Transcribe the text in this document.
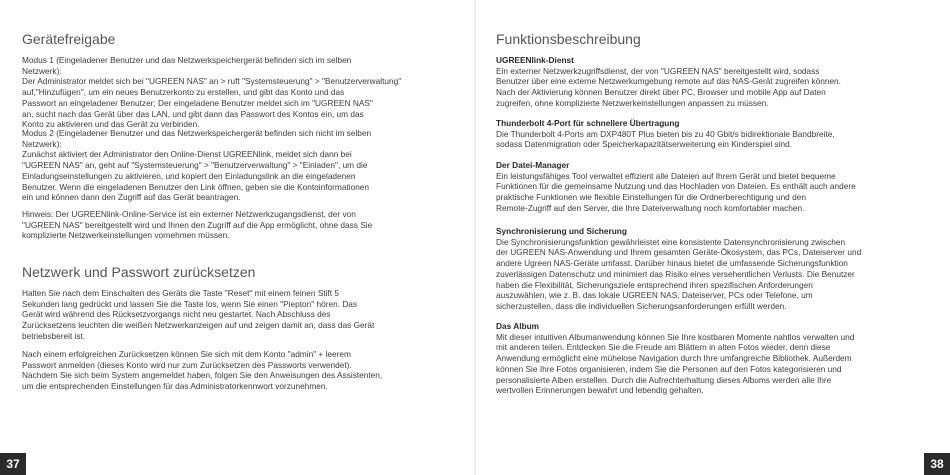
Gerätefreigabe

Modus 1 (Eingeladener Benutzer und das Netzwerkspeichergerät befinden sich im selben
Netzwerk):
Der Administrator meldet sich bei "UGREEN NAS" an > ruft "Systemsteuerung" > "Benutzerverwaltung"
auf,"Hinzufügen", um ein neues Benutzerkonto zu erstellen, und gibt das Konto und das
Passwort an eingeladener Benutzer; Der eingeladene Benutzer meldet sich im "UGREEN NAS"
an, sucht nach das Gerät über das LAN, und gibt dann das Passwort des Kontos ein, um das
Konto zu aktivieren und das Gerät zu verbinden.

Modus 2 (Eingeladener Benutzer und das Netzwerkspeichergerät befinden sich nicht im selben
Netzwerk):
Zunächst aktiviert der Administrator den Online-Dienst UGREENlink, meldet sich dann bei
"UGREEN NAS" an, geht auf "Systemsteuerung" > "Benutzerverwaltung" > "Einladen", um die
Einladungseinstellungen zu aktivieren, und kopiert den Einladungslink an die eingeladenen
Benutzer. Wenn die eingeladenen Benutzer den Link öffnen, geben sie die Kontoinformationen
ein und können dann den Zugriff auf das Gerät beantragen.

Hinweis: Der UGREENlink-Online-Service ist ein externer Netzwerkzugangsdienst, der von
"UGREEN NAS" bereitgestellt wird und Ihnen den Zugriff auf die App ermöglicht, ohne dass Sie
komplizierte Netzwerkeinstellungen vornehmen müssen.

Netzwerk und Passwort zurücksetzen

Halten Sie nach dem Einschalten des Geräts die Taste "Reset" mit einem feinen Stift 5
Sekunden lang gedrückt und lassen Sie die Taste los, wenn Sie einen "Piepton" hören. Das
Gerät wird während des Rücksetzvorgangs nicht neu gestartet. Nach Abschluss des
Zurücksetzens leuchten die weißen Netzwerkanzeigen auf und zeigen damit an, dass das Gerät
betriebsbereit ist.

Nach einem erfolgreichen Zurücksetzen können Sie sich mit dem Konto "admin" + leerem
Passwort anmelden (dieses Konto wird nur zum Zurücksetzen des Passworts verwendet).
Nachdem Sie sich beim System angemeldet haben, folgen Sie den Anweisungen des Assistenten,
um die entsprechenden Einstellungen für das Administratorkennwort vorzunehmen.

37
Funktionsbeschreibung

UGREENlink-Dienst

Ein externer Netzwerkzugriffsdienst, der von "UGREEN NAS" bereitgestellt wird, sodass
Benutzer über eine externe Netzwerkumgebung remote auf das NAS-Gerät zugreifen können.
Nach der Aktivierung können Benutzer direkt über PC, Browser und mobile App auf Daten
zugreifen, ohne komplizierte Netzwerkeinstellungen anpassen zu müssen.

Thunderbolt 4-Port für schnellere Übertragung

Die Thunderbolt 4-Ports am DXP480T Plus bieten bis zu 40 Gbit/s bidirektionale Bandbreite,
sodass Datenmigration oder Speicherkapazitätserweiterung ein Kinderspiel sind.

Der Datei-Manager

Ein leistungsfähiges Tool verwaltet effizient alle Dateien auf Ihrem Gerät und bietet bequeme
Funktionen für die gemeinsame Nutzung und das Hochladen von Dateien. Es enthält auch andere
praktische Funktionen wie flexible Einstellungen für die Ordnerberechtigung und den
Remote-Zugriff auf den Server, die Ihre Dateiverwaltung noch komfortabler machen.

Synchronisierung und Sicherung

Die Synchronisierungsfunktion gewährleistet eine konsistente Datensynchronisierung zwischen
der UGREEN NAS-Anwendung und Ihrem gesamten Geräte-Ökosystem, das PCs, Dateiserver und
andere Ugreen NAS-Geräte umfasst. Darüber hinaus bietet die umfassende Sicherungsfunktion
zuverlässigen Datenschutz und minimiert das Risiko eines versehentlichen Verlusts. Die Benutzer
haben die Flexibilität, Sicherungsziele entsprechend ihren spezifischen Anforderungen
auszuwählen, wie z. B. das lokale UGREEN NAS, Dateiserver, PCs oder Telefone, um
sicherzustellen, dass die individuellen Sicherungsanforderungen erfüllt werden.

Das Album

Mit dieser intuitiven Albumanwendung können Sie Ihre kostbaren Momente nahtlos verwalten und
mit anderen teilen. Entdecken Sie die Freude am Blättern in alten Fotos wieder, denn diese
Anwendung ermöglicht eine mühelose Navigation durch Ihre umfangreiche Bibliothek. Außerdem
können Sie Ihre Fotos organisieren, indem Sie die Personen auf den Fotos kategorisieren und
personalisierte Alben erstellen. Durch die Aufrechterhaltung dieses Albums werden alle Ihre
wertvollen Erinnerungen bewahrt und lebendig gehalten.

38
